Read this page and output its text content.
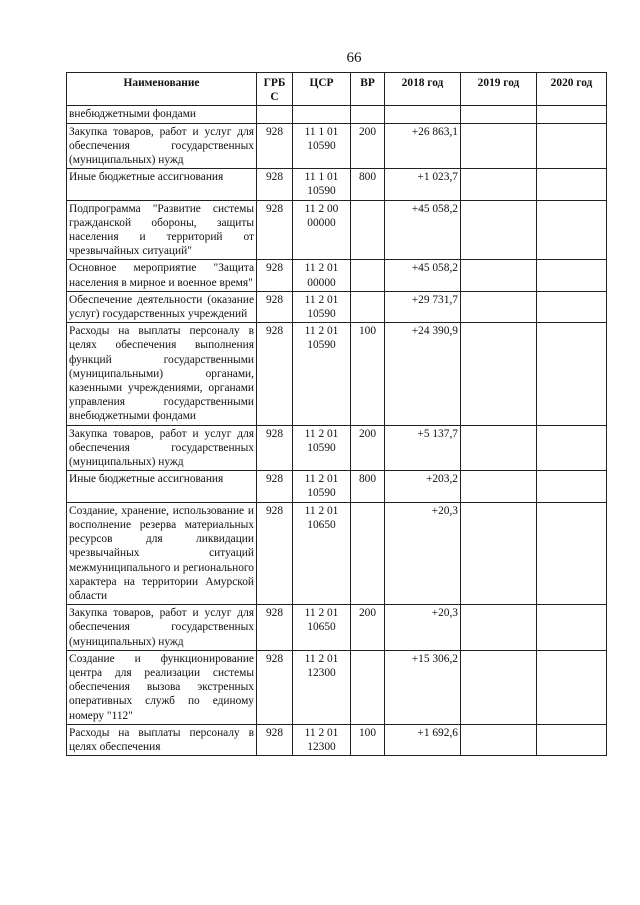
66
Наименование	ГРБ С	ЦСР	ВР	2018 год	2019 год	2020 год
внебюджетными фондами						
Закупка товаров, работ и услуг для обеспечения государственных (муниципальных) нужд	928	11 1 01 10590	200	+26 863,1		
Иные бюджетные ассигнования	928	11 1 01 10590	800	+1 023,7		
Подпрограмма "Развитие системы гражданской обороны, защиты населения и территорий от чрезвычайных ситуаций"	928	11 2 00 00000		+45 058,2		
Основное мероприятие "Защита населения в мирное и военное время"	928	11 2 01 00000		+45 058,2		
Обеспечение деятельности (оказание услуг) государственных учреждений	928	11 2 01 10590		+29 731,7		
Расходы на выплаты персоналу в целях обеспечения выполнения функций государственными (муниципальными) органами, казенными учреждениями, органами управления государственными внебюджетными фондами	928	11 2 01 10590	100	+24 390,9		
Закупка товаров, работ и услуг для обеспечения государственных (муниципальных) нужд	928	11 2 01 10590	200	+5 137,7		
Иные бюджетные ассигнования	928	11 2 01 10590	800	+203,2		
Создание, хранение, использование и восполнение резерва материальных ресурсов для ликвидации чрезвычайных ситуаций межмуниципального и регионального характера на территории Амурской области	928	11 2 01 10650		+20,3		
Закупка товаров, работ и услуг для обеспечения государственных (муниципальных) нужд	928	11 2 01 10650	200	+20,3		
Создание и функционирование центра для реализации системы обеспечения вызова экстренных оперативных служб по единому номеру "112"	928	11 2 01 12300		+15 306,2		
Расходы на выплаты персоналу в целях обеспечения	928	11 2 01 12300	100	+1 692,6		
